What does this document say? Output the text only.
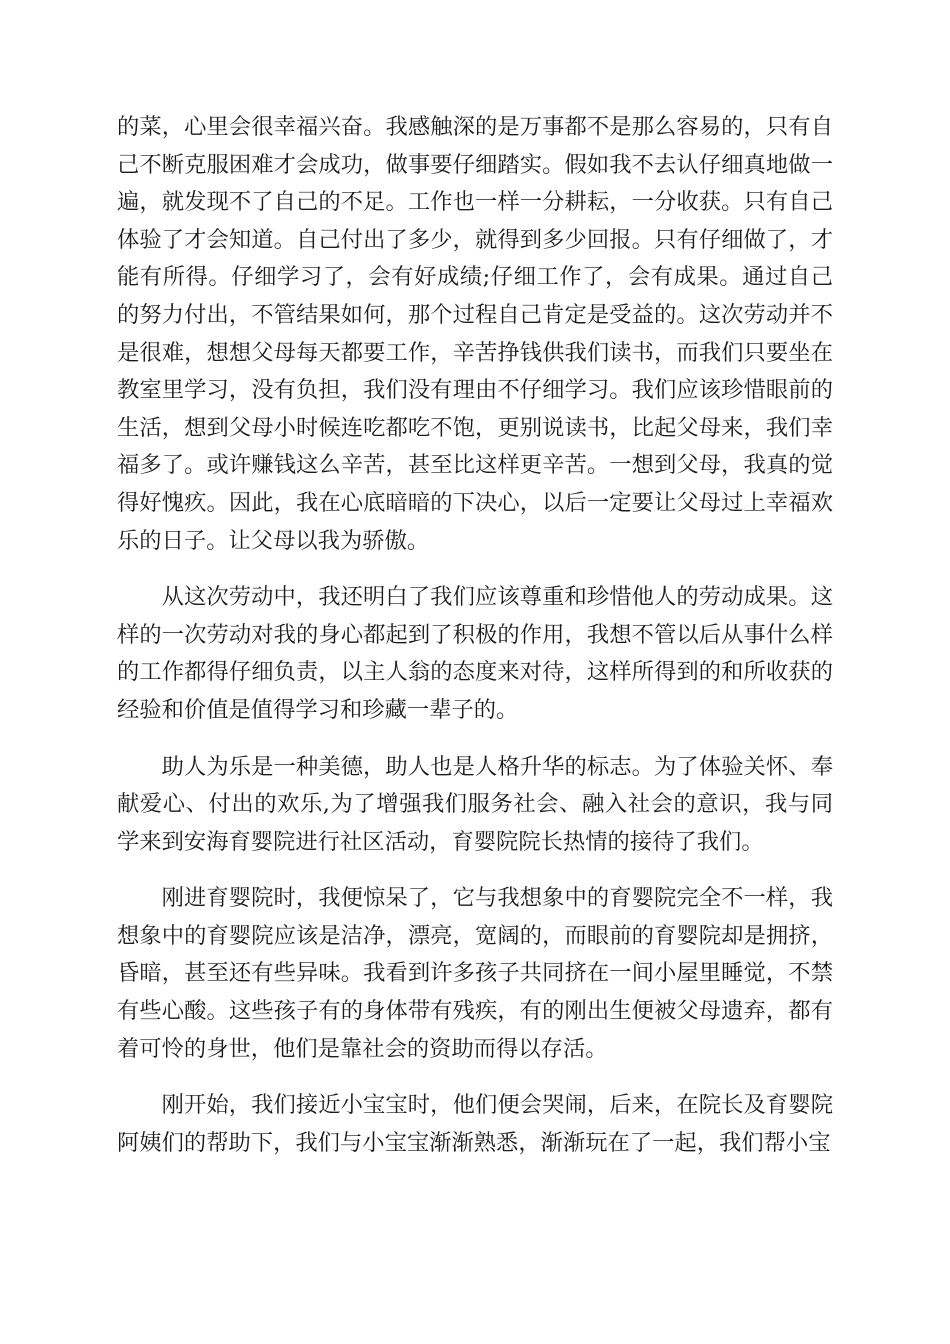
的菜，心里会很幸福兴奋。我感触深的是万事都不是那么容易的，只有自己不断克服困难才会成功，做事要仔细踏实。假如我不去认仔细真地做一遍，就发现不了自己的不足。工作也一样一分耕耘，一分收获。只有自己体验了才会知道。自己付出了多少，就得到多少回报。只有仔细做了，才能有所得。仔细学习了，会有好成绩;仔细工作了，会有成果。通过自己的努力付出，不管结果如何，那个过程自己肯定是受益的。这次劳动并不是很难，想想父母每天都要工作，辛苦挣钱供我们读书，而我们只要坐在教室里学习，没有负担，我们没有理由不仔细学习。我们应该珍惜眼前的生活，想到父母小时候连吃都吃不饱，更别说读书，比起父母来，我们幸福多了。或许赚钱这么辛苦，甚至比这样更辛苦。一想到父母，我真的觉得好愧疚。因此，我在心底暗暗的下决心，以后一定要让父母过上幸福欢乐的日子。让父母以我为骄傲。

从这次劳动中，我还明白了我们应该尊重和珍惜他人的劳动成果。这样的一次劳动对我的身心都起到了积极的作用，我想不管以后从事什么样的工作都得仔细负责，以主人翁的态度来对待，这样所得到的和所收获的经验和价值是值得学习和珍藏一辈子的。

助人为乐是一种美德，助人也是人格升华的标志。为了体验关怀、奉献爱心、付出的欢乐,为了增强我们服务社会、融入社会的意识，我与同学来到安海育婴院进行社区活动，育婴院院长热情的接待了我们。

刚进育婴院时，我便惊呆了，它与我想象中的育婴院完全不一样，我想象中的育婴院应该是洁净，漂亮，宽阔的，而眼前的育婴院却是拥挤，昏暗，甚至还有些异味。我看到许多孩子共同挤在一间小屋里睡觉，不禁有些心酸。这些孩子有的身体带有残疾，有的刚出生便被父母遗弃，都有着可怜的身世，他们是靠社会的资助而得以存活。

刚开始，我们接近小宝宝时，他们便会哭闹，后来，在院长及育婴院阿姨们的帮助下，我们与小宝宝渐渐熟悉，渐渐玩在了一起，我们帮小宝
